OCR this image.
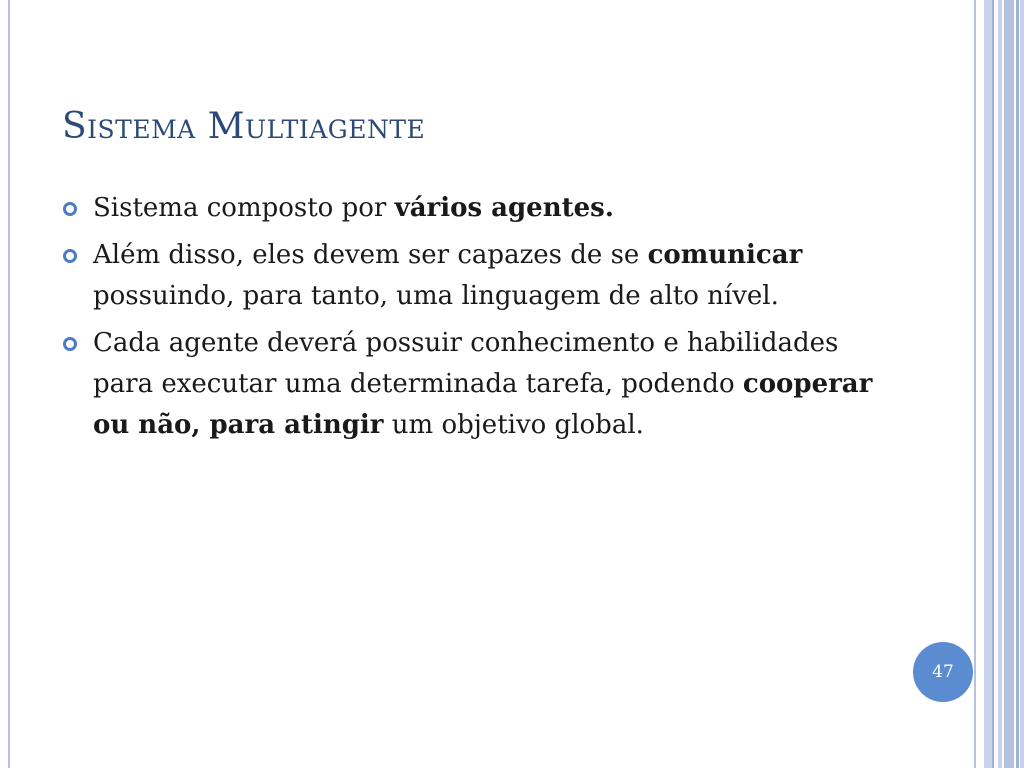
Sistema Multiagente
Sistema composto por vários agentes.
Além disso, eles devem ser capazes de se comunicar possuindo, para tanto, uma linguagem de alto nível.
Cada agente deverá possuir conhecimento e habilidades para executar uma determinada tarefa, podendo cooperar ou não, para atingir um objetivo global.
47
